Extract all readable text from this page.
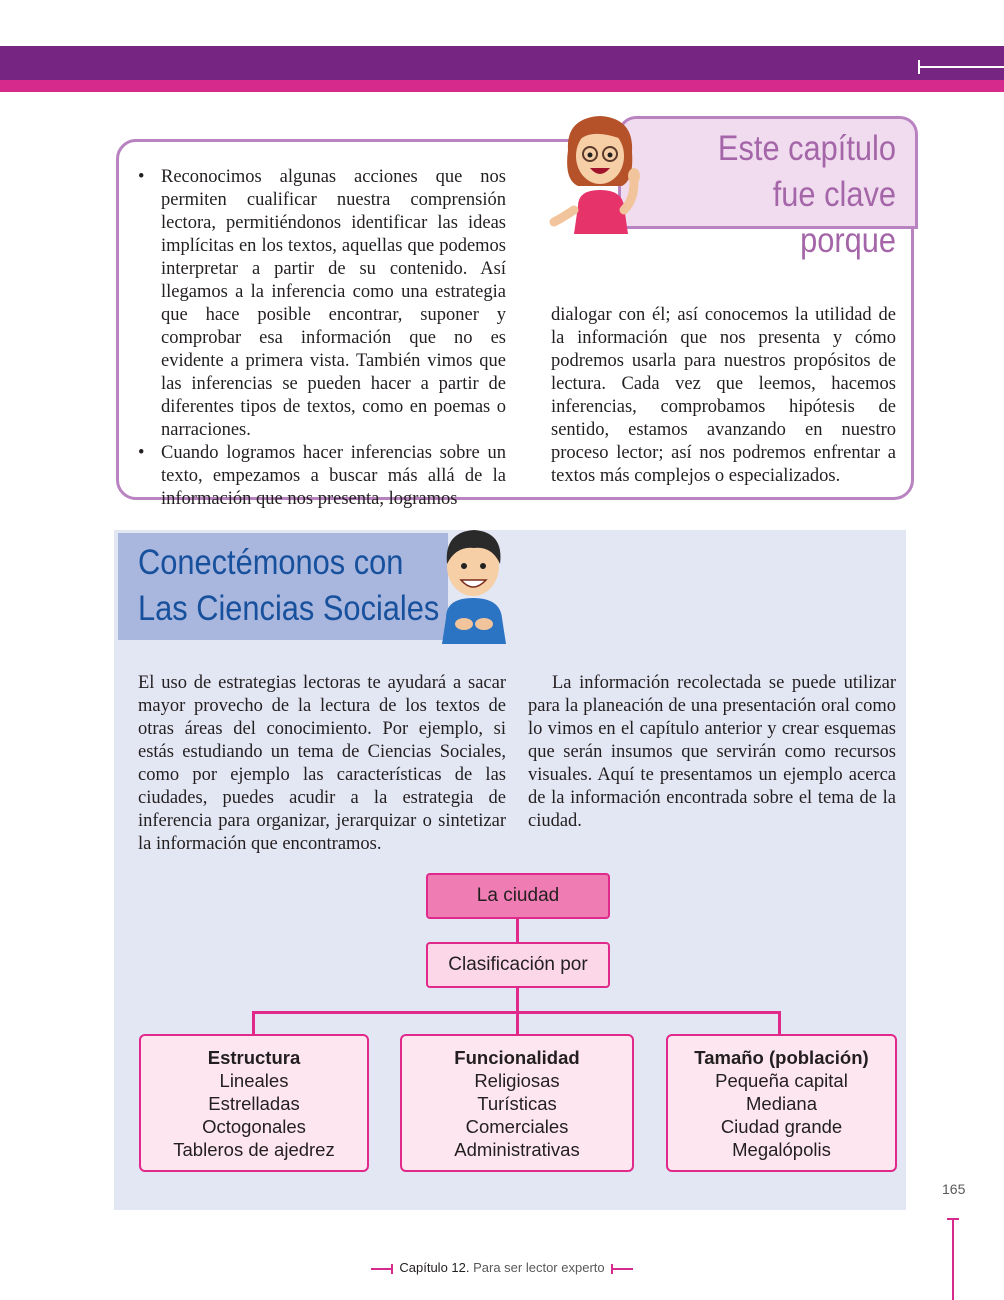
Este capítulo
fue clave porque
• Reconocimos algunas acciones que nos permiten cualificar nuestra comprensión lectora, permitiéndonos identificar las ideas implícitas en los textos, aquellas que podemos interpretar a partir de su contenido. Así llegamos a la inferencia como una estrategia que hace posible encontrar, suponer y comprobar esa información que no es evidente a primera vista. También vimos que las inferencias se pueden hacer a partir de diferentes tipos de textos, como en poemas o narraciones.
• Cuando logramos hacer inferencias sobre un texto, empezamos a buscar más allá de la información que nos presenta, logramos

dialogar con él; así conocemos la utilidad de la información que nos presenta y cómo podremos usarla para nuestros propósitos de lectura. Cada vez que leemos, hacemos inferencias, comprobamos hipótesis de sentido, estamos avanzando en nuestro proceso lector; así nos podremos enfrentar a textos más complejos o especializados.

Conectémonos con
Las Ciencias Sociales

El uso de estrategias lectoras te ayudará a sacar mayor provecho de la lectura de los textos de otras áreas del conocimiento. Por ejemplo, si estás estudiando un tema de Ciencias Sociales, como por ejemplo las características de las ciudades, puedes acudir a la estrategia de inferencia para organizar, jerarquizar o sintetizar la información que encontramos.

La información recolectada se puede utilizar para la planeación de una presentación oral como lo vimos en el capítulo anterior y crear esquemas que serán insumos que servirán como recursos visuales. Aquí te presentamos un ejemplo acerca de la información encontrada sobre el tema de la ciudad.

La ciudad
Clasificación por
Estructura
Lineales
Estrelladas
Octogonales
Tableros de ajedrez
Funcionalidad
Religiosas
Turísticas
Comerciales
Administrativas
Tamaño (población)
Pequeña capital
Mediana
Ciudad grande
Megalópolis
165
Capítulo 12. Para ser lector experto
